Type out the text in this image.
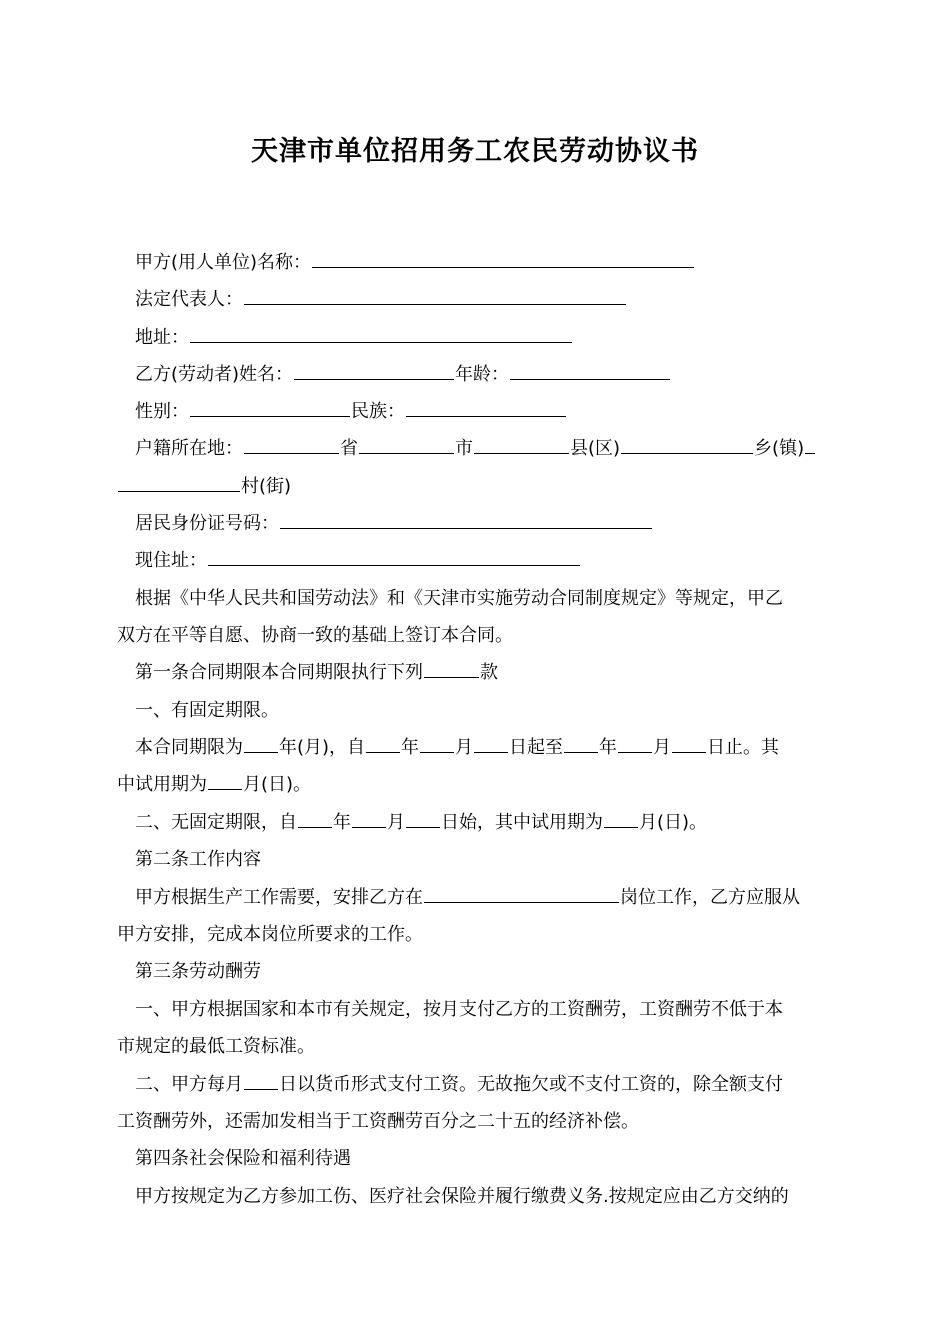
天津市单位招用务工农民劳动协议书
甲方(用人单位)名称：
法定代表人：
地址：
乙方(劳动者)姓名：	年龄：
性别：	民族：
户籍所在地：	省	市	县(区)	乡(镇)
村(街)
居民身份证号码：
现住址：
根据《中华人民共和国劳动法》和《天津市实施劳动合同制度规定》等规定，甲乙
双方在平等自愿、协商一致的基础上签订本合同。
第一条合同期限本合同期限执行下列	款
一、有固定期限。
本合同期限为 年(月)，自 年 月 日起至 年 月 日止。其
中试用期为 月(日)。
二、无固定期限，自 年 月 日始，其中试用期为 月(日)。
第二条工作内容
甲方根据生产工作需要，安排乙方在	岗位工作，乙方应服从
甲方安排，完成本岗位所要求的工作。
第三条劳动酬劳
一、甲方根据国家和本市有关规定，按月支付乙方的工资酬劳，工资酬劳不低于本
市规定的最低工资标准。
二、甲方每月 日以货币形式支付工资。无故拖欠或不支付工资的，除全额支付
工资酬劳外，还需加发相当于工资酬劳百分之二十五的经济补偿。
第四条社会保险和福利待遇
甲方按规定为乙方参加工伤、医疗社会保险并履行缴费义务.按规定应由乙方交纳的
